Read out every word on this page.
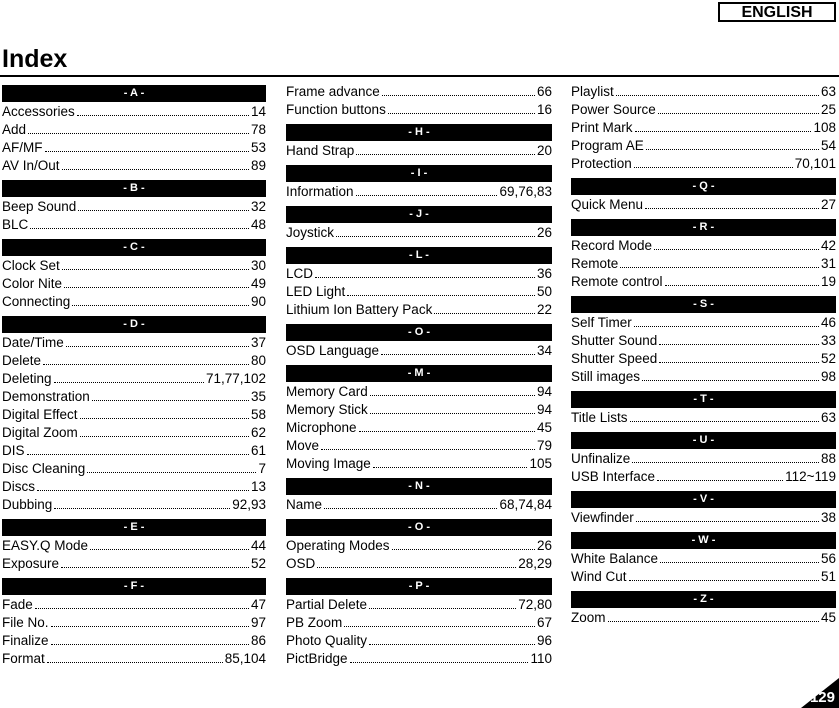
ENGLISH
Index
- A -
Accessories	14
Add	78
AF/MF	53
AV In/Out	89
- B -
Beep Sound	32
BLC	48
- C -
Clock Set	30
Color Nite	49
Connecting	90
- D -
Date/Time	37
Delete	80
Deleting	71,77,102
Demonstration	35
Digital Effect	58
Digital Zoom	62
DIS	61
Disc Cleaning	7
Discs	13
Dubbing	92,93
- E -
EASY.Q Mode	44
Exposure	52
- F -
Fade	47
File No.	97
Finalize	86
Format	85,104
Frame advance	66
Function buttons	16
- H -
Hand Strap	20
- I -
Information	69,76,83
- J -
Joystick	26
- L -
LCD	36
LED Light	50
Lithium Ion Battery Pack	22
- O -
OSD Language	34
- M -
Memory Card	94
Memory Stick	94
Microphone	45
Move	79
Moving Image	105
- N -
Name	68,74,84
- O -
Operating Modes	26
OSD	28,29
- P -
Partial Delete	72,80
PB Zoom	67
Photo Quality	96
PictBridge	110
Playlist	63
Power Source	25
Print Mark	108
Program AE	54
Protection	70,101
- Q -
Quick Menu	27
- R -
Record Mode	42
Remote	31
Remote control	19
- S -
Self Timer	46
Shutter Sound	33
Shutter Speed	52
Still images	98
- T -
Title Lists	63
- U -
Unfinalize	88
USB Interface	112~119
- V -
Viewfinder	38
- W -
White Balance	56
Wind Cut	51
- Z -
Zoom	45
129
